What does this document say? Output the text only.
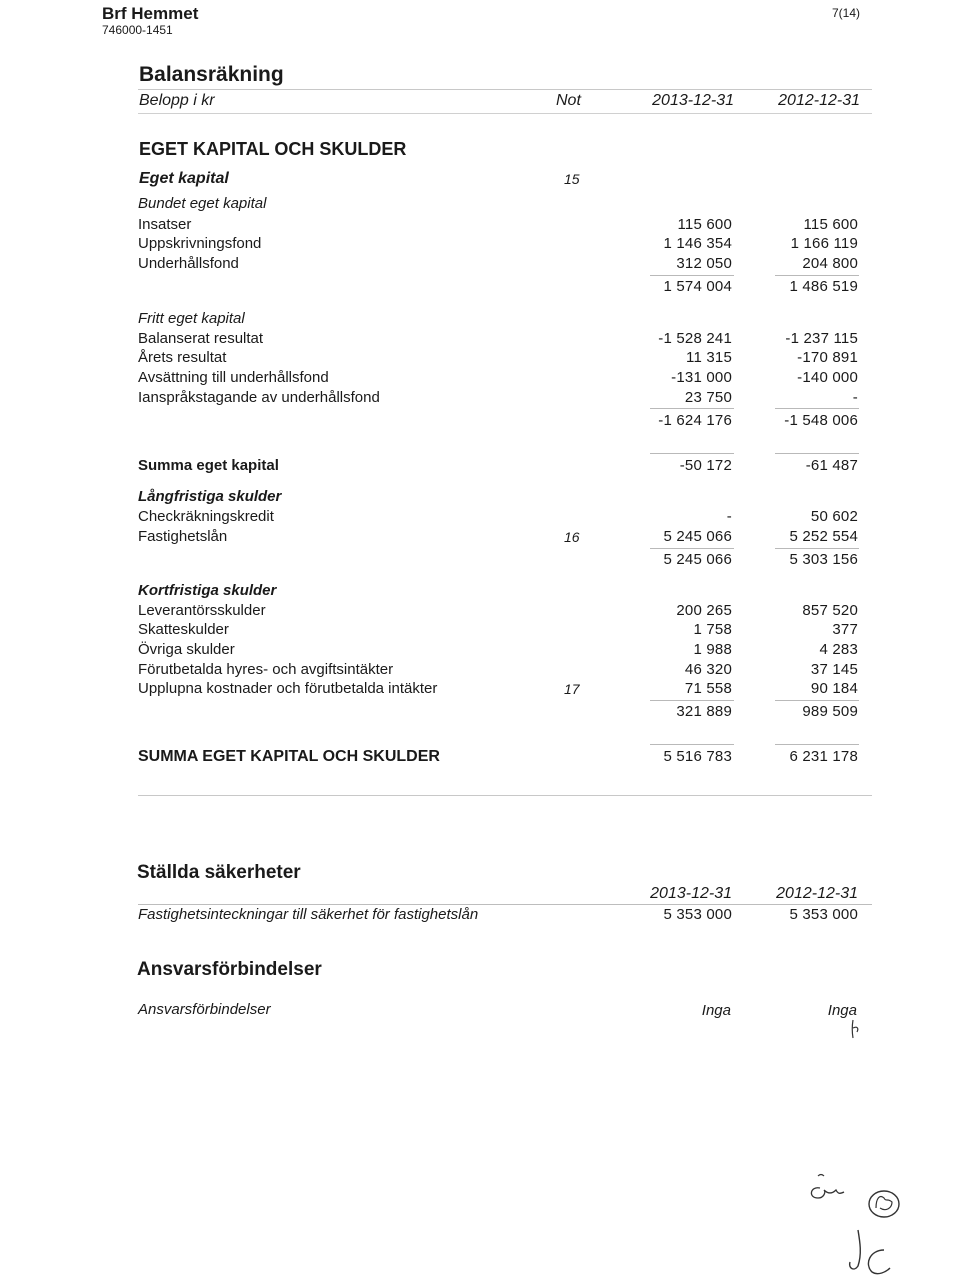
Brf Hemmet
746000-1451
7(14)
Balansräkning
Belopp i kr	Not	2013-12-31	2012-12-31
EGET KAPITAL OCH SKULDER
Eget kapital	15
Bundet eget kapital
Insatser	115 600	115 600
Uppskrivningsfond	1 146 354	1 166 119
Underhållsfond	312 050	204 800
1 574 004	1 486 519
Fritt eget kapital
Balanserat resultat	-1 528 241	-1 237 115
Årets resultat	11 315	-170 891
Avsättning till underhållsfond	-131 000	-140 000
Ianspråkstagande av underhållsfond	23 750	-
-1 624 176	-1 548 006
Summa eget kapital	-50 172	-61 487
Långfristiga skulder
Checkräkningskredit	-	50 602
Fastighetslån	16	5 245 066	5 252 554
5 245 066	5 303 156
Kortfristiga skulder
Leverantörsskulder	200 265	857 520
Skatteskulder	1 758	377
Övriga skulder	1 988	4 283
Förutbetalda hyres- och avgiftsintäkter	46 320	37 145
Upplupna kostnader och förutbetalda intäkter	17	71 558	90 184
321 889	989 509
SUMMA EGET KAPITAL OCH SKULDER	5 516 783	6 231 178
Ställda säkerheter
2013-12-31	2012-12-31
Fastighetsinteckningar till säkerhet för fastighetslån	5 353 000	5 353 000
Ansvarsförbindelser
Ansvarsförbindelser	Inga	Inga
